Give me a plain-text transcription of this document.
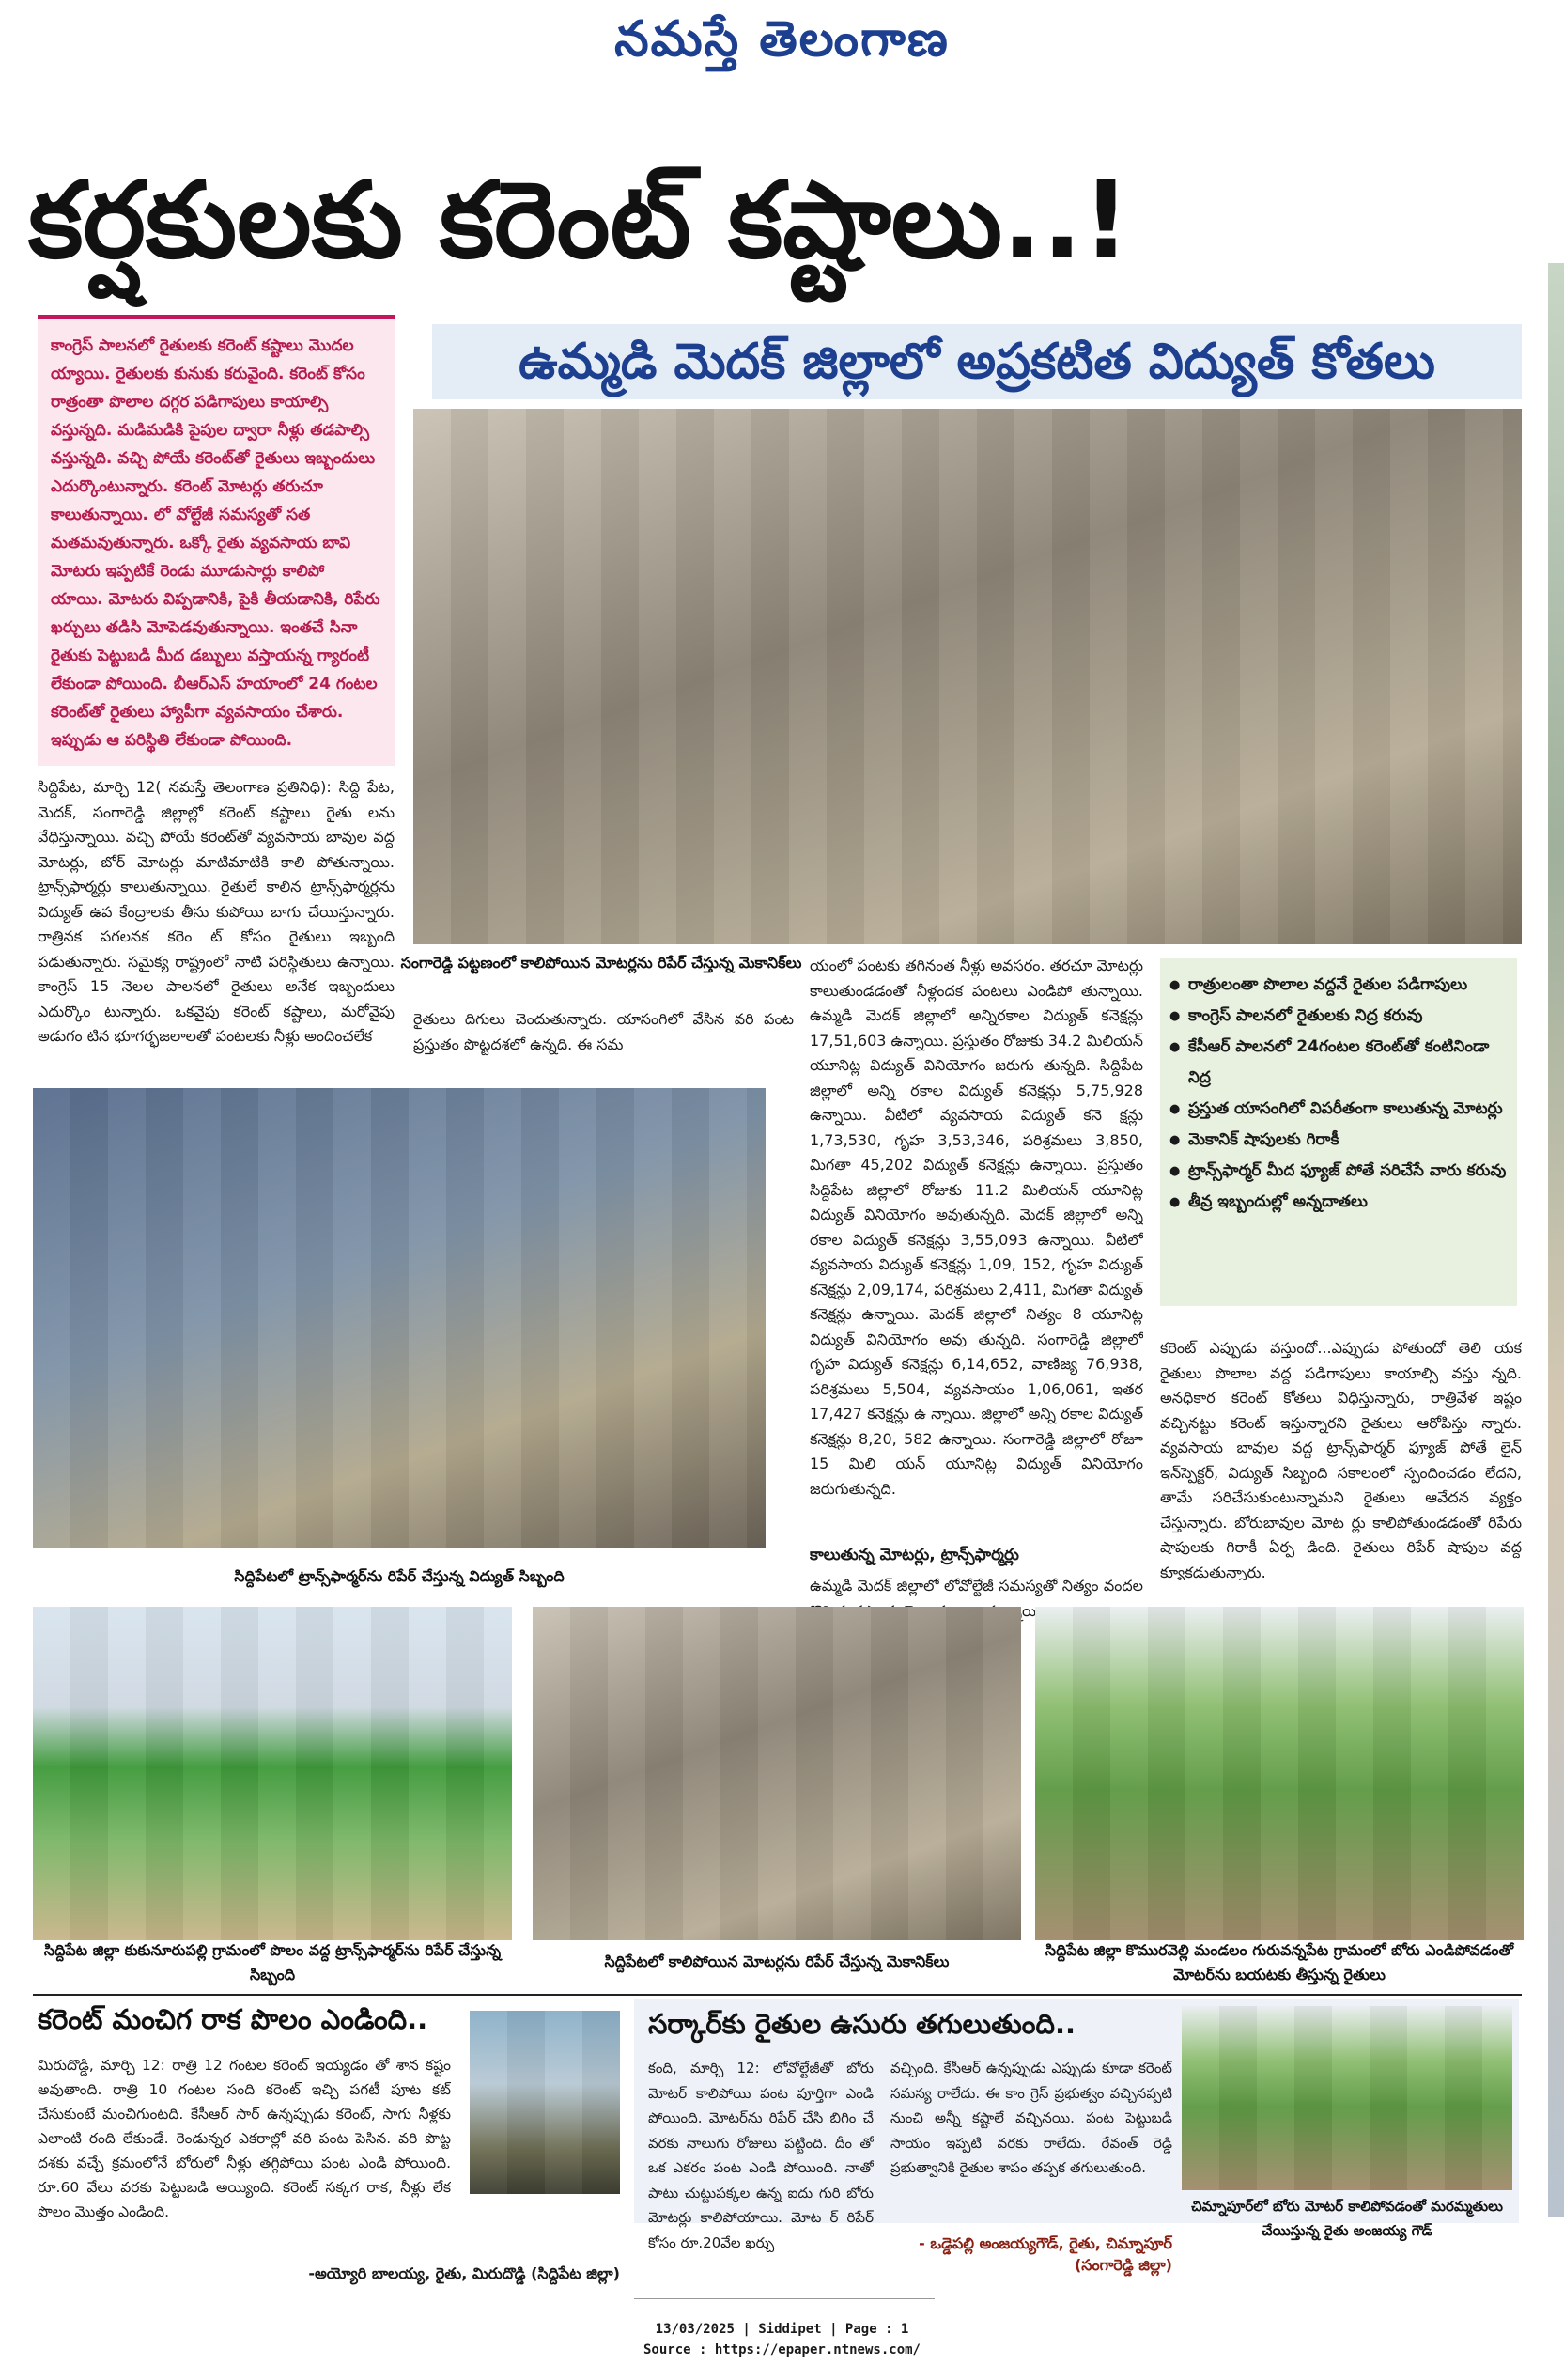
నమస్తే తెలంగాణ
కర్షకులకు కరెంట్ కష్టాలు..!
కాంగ్రెస్ పాలనలో రైతులకు కరెంట్ కష్టాలు మొదల య్యాయి. రైతులకు కునుకు కరువైంది. కరెంట్ కోసం రాత్రంతా పొలాల దగ్గర పడిగాపులు కాయాల్సి వస్తున్నది. మడిమడికి పైపుల ద్వారా నీళ్లు తడపాల్సి వస్తున్నది. వచ్చి పోయే కరెంట్‌తో రైతులు ఇబ్బందులు ఎదుర్కొంటున్నారు. కరెంట్ మోటర్లు తరుచూ కాలుతున్నాయి. లో వోల్టేజీ సమస్యతో సత మతమవుతున్నారు. ఒక్కో రైతు వ్యవసాయ బావి మోటరు ఇప్పటికే రెండు మూడుసార్లు కాలిపో యాయి. మోటరు విప్పడానికి, పైకి తీయడానికి, రిపేరు ఖర్చులు తడిసి మోపెడవుతున్నాయి. ఇంతచే సినా రైతుకు పెట్టుబడి మీద డబ్బులు వస్తాయన్న గ్యారంటీ లేకుండా పోయింది. బీఆర్ఎస్ హయాంలో 24 గంటల కరెంట్‌తో రైతులు హ్యాపీగా వ్యవసాయం చేశారు. ఇప్పుడు ఆ పరిస్థితి లేకుండా పోయింది.
ఉమ్మడి మెదక్ జిల్లాలో అప్రకటిత విద్యుత్ కోతలు
సంగారెడ్డి పట్టణంలో కాలిపోయిన మోటర్లను రిపేర్ చేస్తున్న మెకానిక్‌లు
సిద్దిపేట, మార్చి 12( నమస్తే తెలంగాణ ప్రతినిధి): సిద్ది పేట, మెదక్, సంగారెడ్డి జిల్లాల్లో కరెంట్ కష్టాలు రైతు లను వేధిస్తున్నాయి. వచ్చి పోయే కరెంట్‌తో వ్యవసాయ బావుల వద్ద మోటర్లు, బోర్ మోటర్లు మాటిమాటికి కాలి పోతున్నాయి. ట్రాన్స్‌ఫార్మర్లు కాలుతున్నాయి. రైతులే కాలిన ట్రాన్స్‌ఫార్మర్లను విద్యుత్ ఉప కేంద్రాలకు తీసు కుపోయి బాగు చేయిస్తున్నారు. రాత్రినక పగలనక కరెం ట్ కోసం రైతులు ఇబ్బంది పడుతున్నారు. సమైక్య రాష్ట్రంలో నాటి పరిస్థితులు ఉన్నాయి. కాంగ్రెస్ 15 నెలల పాలనలో రైతులు అనేక ఇబ్బందులు ఎదుర్కొం టున్నారు. ఒకవైపు కరెంట్ కష్టాలు, మరోవైపు అడుగం టిన భూగర్భజలాలతో పంటలకు నీళ్లు అందించలేక
రైతులు దిగులు చెందుతున్నారు. యాసంగిలో వేసిన వరి పంట ప్రస్తుతం పొట్టదశలో ఉన్నది. ఈ సమ
యంలో పంటకు తగినంత నీళ్లు అవసరం. తరచూ మోటర్లు కాలుతుండడంతో నీళ్లందక పంటలు ఎండిపో తున్నాయి. ఉమ్మడి మెదక్ జిల్లాలో అన్నిరకాల విద్యుత్ కనెక్షన్లు 17,51,603 ఉన్నాయి. ప్రస్తుతం రోజుకు 34.2 మిలియన్ యూనిట్ల విద్యుత్ వినియోగం జరుగు తున్నది. సిద్దిపేట జిల్లాలో అన్ని రకాల విద్యుత్ కనెక్షన్లు 5,75,928 ఉన్నాయి. వీటిలో వ్యవసాయ విద్యుత్ కనె క్షన్లు 1,73,530, గృహ 3,53,346, పరిశ్రమలు 3,850, మిగతా 45,202 విద్యుత్ కనెక్షన్లు ఉన్నాయి. ప్రస్తుతం సిద్దిపేట జిల్లాలో రోజుకు 11.2 మిలియన్ యూనిట్ల విద్యుత్ వినియోగం అవుతున్నది. మెదక్ జిల్లాలో అన్ని రకాల విద్యుత్ కనెక్షన్లు 3,55,093 ఉన్నాయి. వీటిలో వ్యవసాయ విద్యుత్ కనెక్షన్లు 1,09, 152, గృహ విద్యుత్ కనెక్షన్లు 2,09,174, పరిశ్రమలు 2,411, మిగతా విద్యుత్ కనెక్షన్లు ఉన్నాయి. మెదక్ జిల్లాలో నిత్యం 8 యూనిట్ల విద్యుత్ వినియోగం అవు తున్నది. సంగారెడ్డి జిల్లాలో గృహ విద్యుత్ కనెక్షన్లు 6,14,652, వాణిజ్య 76,938, పరిశ్రమలు 5,504, వ్యవసాయం 1,06,061, ఇతర 17,427 కనెక్షన్లు ఉ న్నాయి. జిల్లాలో అన్ని రకాల విద్యుత్ కనెక్షన్లు 8,20, 582 ఉన్నాయి. సంగారెడ్డి జిల్లాలో రోజూ 15 మిలి యన్ యూనిట్ల విద్యుత్ వినియోగం జరుగుతున్నది.
కాలుతున్న మోటర్లు, ట్రాన్స్‌ఫార్మర్లు
ఉమ్మడి మెదక్ జిల్లాలో లోవోల్టేజీ సమస్యతో నిత్యం వందల
సిద్దిపేటలో ట్రాన్స్‌ఫార్మర్‌ను రిపేర్ చేస్తున్న విద్యుత్ సిబ్బంది
● రాత్రులంతా పొలాల వద్దనే రైతుల పడిగాపులు
● కాంగ్రెస్ పాలనలో రైతులకు నిద్ర కరువు
● కేసీఆర్ పాలనలో 24గంటల కరెంట్‌తో కంటినిండా నిద్ర
● ప్రస్తుత యాసంగిలో విపరీతంగా కాలుతున్న మోటర్లు
● మెకానిక్ షాపులకు గిరాకీ
● ట్రాన్స్‌ఫార్మర్ మీద ఫ్యూజ్ పోతే సరిచేసే వారు కరువు
● తీవ్ర ఇబ్బందుల్లో అన్నదాతలు
కరెంట్ ఎప్పుడు వస్తుందో...ఎప్పుడు పోతుందో తెలి యక రైతులు పొలాల వద్ద పడిగాపులు కాయాల్సి వస్తు న్నది. అనధికార కరెంట్ కోతలు విధిస్తున్నారు, రాత్రివేళ ఇష్టం వచ్చినట్టు కరెంట్ ఇస్తున్నారని రైతులు ఆరోపిస్తు న్నారు. వ్యవసాయ బావుల వద్ద ట్రాన్స్‌ఫార్మర్ ఫ్యూజ్ పోతే లైన్ ఇన్‌స్పెక్టర్, విద్యుత్ సిబ్బంది సకాలంలో స్పందించడం లేదని, తామే సరిచేసుకుంటున్నామని రైతులు ఆవేదన వ్యక్తం చేస్తున్నారు. బోరుబావుల మోట ర్లు కాలిపోతుండడంతో రిపేరు షాపులకు గిరాకీ ఏర్ప డింది. రైతులు రిపేర్ షాపుల వద్ద క్యూకడుతున్నారు.
సిద్దిపేట జిల్లా కుకునూరుపల్లి గ్రామంలో పొలం వద్ద ట్రాన్స్‌ఫార్మర్‌ను రిపేర్ చేస్తున్న సిబ్బంది
సిద్దిపేటలో కాలిపోయిన మోటర్లను రిపేర్ చేస్తున్న మెకానిక్‌లు
సిద్దిపేట జిల్లా కొమురవెల్లి మండలం గురువన్నపేట గ్రామంలో బోరు ఎండిపోవడంతో మోటర్‌ను బయటకు తీస్తున్న రైతులు
కరెంట్ మంచిగ రాక పొలం ఎండింది..
మిరుదొడ్డి, మార్చి 12: రాత్రి 12 గంటల కరెంట్ ఇయ్యడం తో శాన కష్టం అవుతాంది. రాత్రి 10 గంటల సంది కరెంట్ ఇచ్చి పగటీ పూట కట్ చేసుకుంటే మంచిగుంటది. కేసీఆర్ సార్ ఉన్నప్పుడు కరెంట్, సాగు నీళ్లకు ఎలాంటి రంది లేకుండే. రెండున్నర ఎకరాల్లో వరి పంట పెసిన. వరి పొట్ట దశకు వచ్చే క్రమంలోనే బోరులో నీళ్లు తగ్గిపోయి పంట ఎండి పోయింది. రూ.60 వేలు వరకు పెట్టుబడి అయ్యింది. కరెంట్ సక్కగ రాక, నీళ్లు లేక పొలం మొత్తం ఎండింది.
-అయ్యోరి బాలయ్య, రైతు, మిరుదొడ్డి (సిద్దిపేట జిల్లా)
సర్కార్‌కు రైతుల ఉసురు తగులుతుంది..
కంది, మార్చి 12: లోవోల్టేజీతో బోరు మోటర్ కాలిపోయి పంట పూర్తిగా ఎండి పోయింది. మోటర్‌ను రిపేర్ చేసి బిగిం చే వరకు నాలుగు రోజులు పట్టింది. దీం తో ఒక ఎకరం పంట ఎండి పోయింది. నాతో పాటు చుట్టుపక్కల ఉన్న ఐదు గురి బోరు మోటర్లు కాలిపోయాయి. మోట ర్ రిపేర్ కోసం రూ.20వేల ఖర్చు
వచ్చింది. కేసీఆర్ ఉన్నప్పుడు ఎప్పుడు కూడా కరెంట్ సమస్య రాలేదు. ఈ కాం గ్రెస్ ప్రభుత్వం వచ్చినప్పటి నుంచి అన్నీ కష్టాలే వచ్చినయి. పంట పెట్టుబడి సాయం ఇప్పటి వరకు రాలేదు. రేవంత్ రెడ్డి ప్రభుత్వానికి రైతుల శాపం తప్పక తగులుతుంది.
- ఒడ్డెపల్లి అంజయ్యగౌడ్, రైతు, చిమ్నాపూర్ (సంగారెడ్డి జిల్లా)
చిమ్నాపూర్‌లో బోరు మోటర్ కాలిపోవడంతో మరమ్మతులు చేయిస్తున్న రైతు అంజయ్య గౌడ్
13/03/2025 | Siddipet | Page : 1
Source : https://epaper.ntnews.com/
